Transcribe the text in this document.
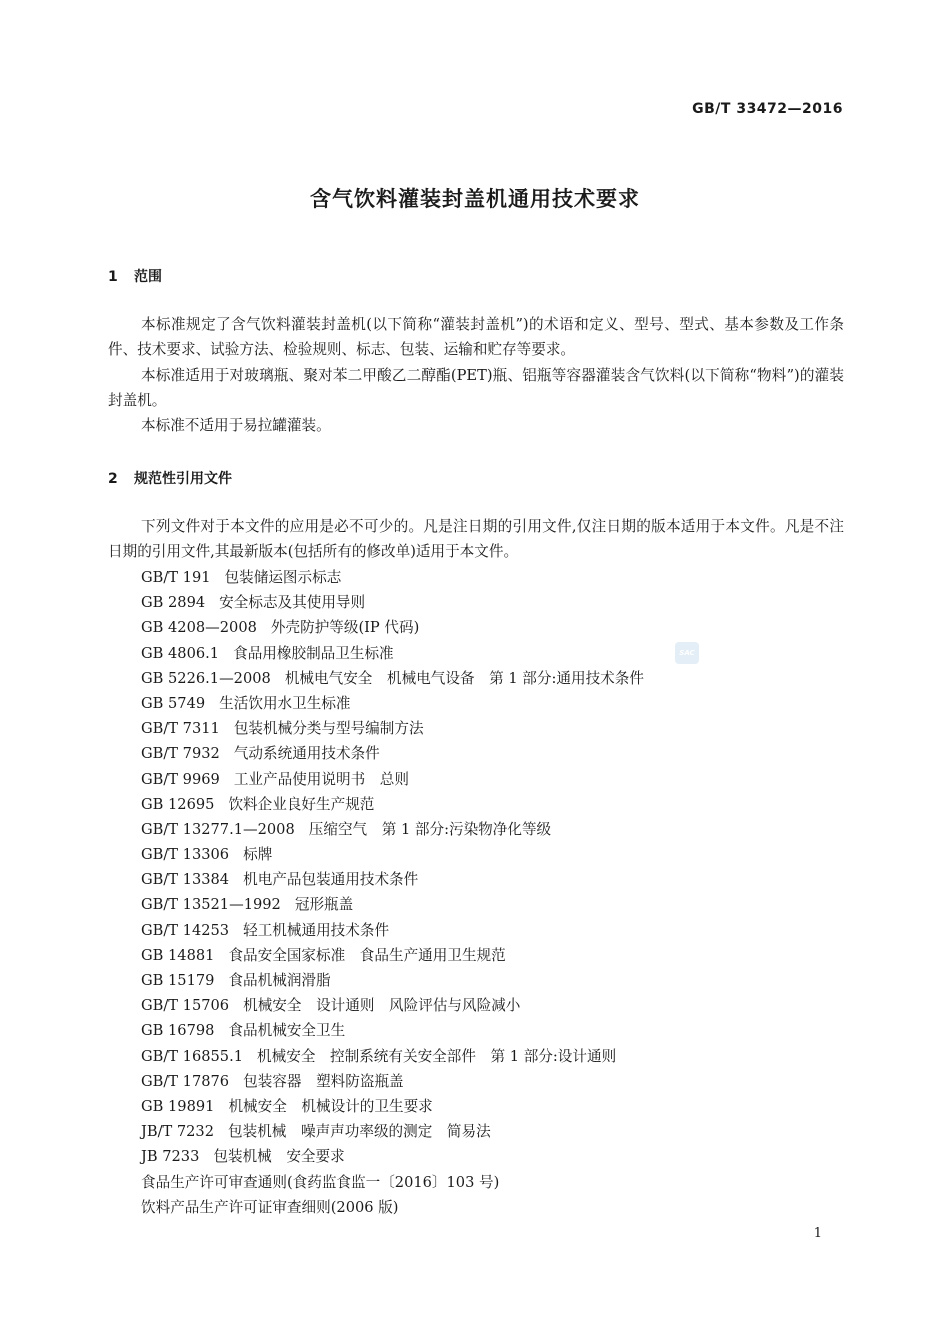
GB/T 33472—2016
含气饮料灌装封盖机通用技术要求
1 范围

本标准规定了含气饮料灌装封盖机(以下简称“灌装封盖机”)的术语和定义、型号、型式、基本参数及工作条件、技术要求、试验方法、检验规则、标志、包装、运输和贮存等要求。

本标准适用于对玻璃瓶、聚对苯二甲酸乙二醇酯(PET)瓶、铝瓶等容器灌装含气饮料(以下简称“物料”)的灌装封盖机。

本标准不适用于易拉罐灌装。

2 规范性引用文件

下列文件对于本文件的应用是必不可少的。凡是注日期的引用文件,仅注日期的版本适用于本文件。凡是不注日期的引用文件,其最新版本(包括所有的修改单)适用于本文件。

GB/T 191 包装储运图示标志
GB 2894 安全标志及其使用导则
GB 4208—2008 外壳防护等级(IP 代码)
GB 4806.1 食品用橡胶制品卫生标准
GB 5226.1—2008 机械电气安全　机械电气设备　第 1 部分:通用技术条件
GB 5749 生活饮用水卫生标准
GB/T 7311 包装机械分类与型号编制方法
GB/T 7932 气动系统通用技术条件
GB/T 9969 工业产品使用说明书　总则
GB 12695 饮料企业良好生产规范
GB/T 13277.1—2008 压缩空气　第 1 部分:污染物净化等级
GB/T 13306 标牌
GB/T 13384 机电产品包装通用技术条件
GB/T 13521—1992 冠形瓶盖
GB/T 14253 轻工机械通用技术条件
GB 14881 食品安全国家标准　食品生产通用卫生规范
GB 15179 食品机械润滑脂
GB/T 15706 机械安全　设计通则　风险评估与风险减小
GB 16798 食品机械安全卫生
GB/T 16855.1 机械安全　控制系统有关安全部件　第 1 部分:设计通则
GB/T 17876 包装容器　塑料防盗瓶盖
GB 19891 机械安全　机械设计的卫生要求
JB/T 7232 包装机械　噪声声功率级的测定　简易法
JB 7233 包装机械　安全要求
食品生产许可审查通则(食药监食监一〔2016〕103 号)
饮料产品生产许可证审查细则(2006 版)
SAC
1
